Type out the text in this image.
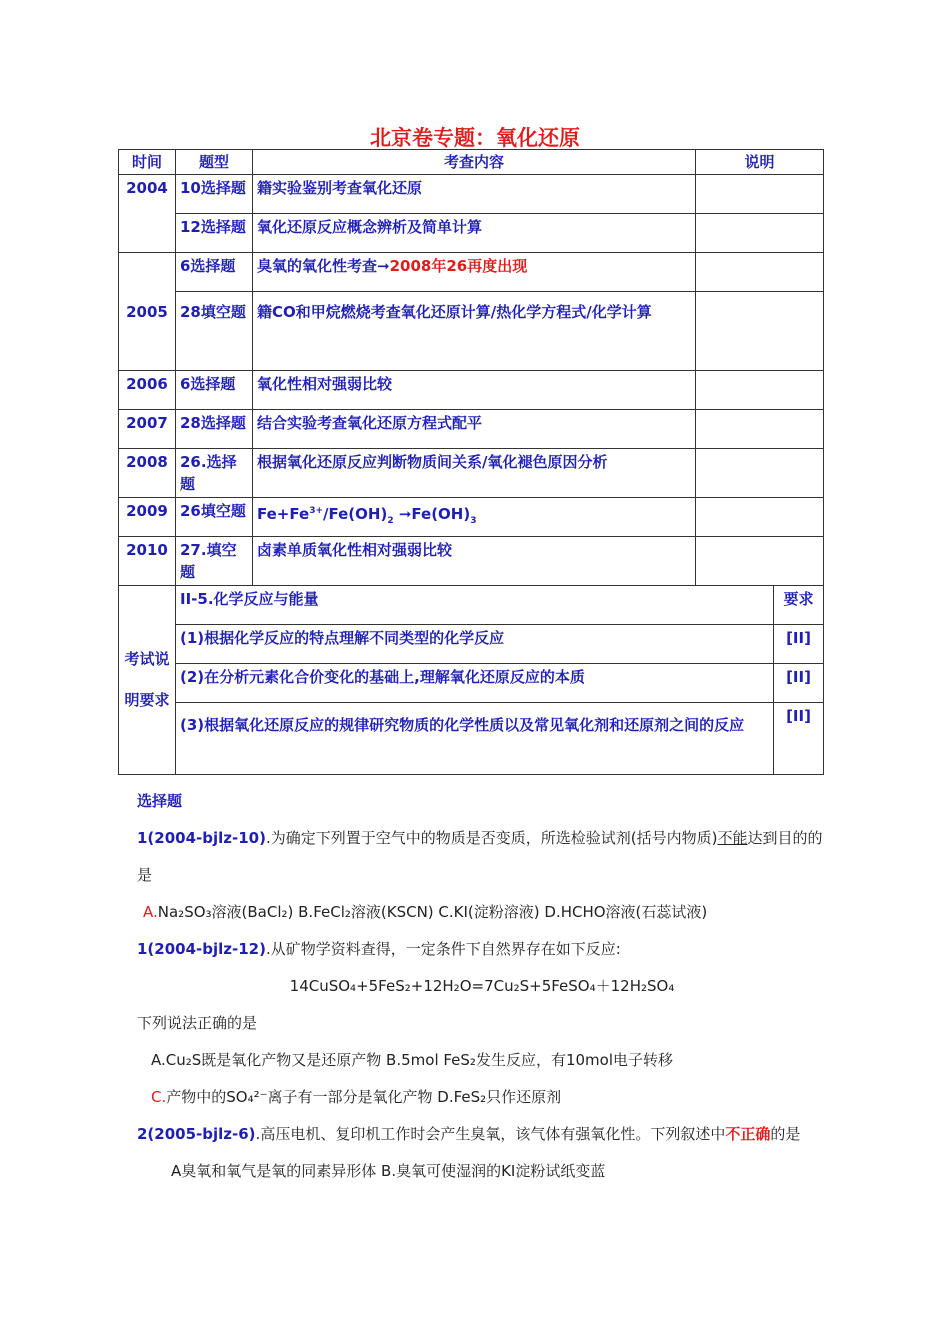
北京卷专题：氧化还原
时间	题型	考查内容	说明	
2004	10选择题	籍实验鉴别考查氧化还原		
	12选择题	氧化还原反应概念辨析及简单计算		
2005	6选择题	臭氧的氧化性考查➞2008年26再度出现		
	28填空题	籍CO和甲烷燃烧考查氧化还原计算/热化学方程式/化学计算		
2006	6选择题	氧化性相对强弱比较		
2007	28选择题	结合实验考查氧化还原方程式配平		
2008	26.选择题	根据氧化还原反应判断物质间关系/氧化褪色原因分析		
2009	26填空题	$Fe+Fe^{3+}/Fe(OH)_2$ $➞Fe(OH)_3$	
2010	27.填空题	卤素单质氧化性相对强弱比较		
考试说明要求	II-5.化学反应与能量			要求
	(1)根据化学反应的特点理解不同类型的化学反应			[II]
	(2)在分析元素化合价变化的基础上,理解氧化还原反应的本质			[II]
	(3)根据氧化还原反应的规律研究物质的化学性质以及常见氧化剂和还原剂之间的反应			[II]
选择题
1(2004-bjlz-10).为确定下列置于空气中的物质是否变质，所选检验试剂(括号内物质)不能达到目的的是
A.Na₂SO₃溶液(BaCl₂) B.FeCl₂溶液(KSCN) C.KI(淀粉溶液) D.HCHO溶液(石蕊试液)
1(2004-bjlz-12).从矿物学资料查得，一定条件下自然界存在如下反应:
14CuSO₄+5FeS₂+12H₂O=7Cu₂S+5FeSO₄＋12H₂SO₄
下列说法正确的是
A.Cu₂S既是氧化产物又是还原产物 B.5mol FeS₂发生反应，有10mol电子转移
C.产物中的SO₄²⁻离子有一部分是氧化产物 D.FeS₂只作还原剂
2(2005-bjlz-6).高压电机、复印机工作时会产生臭氧，该气体有强氧化性。下列叙述中不正确的是
A臭氧和氧气是氧的同素异形体 B.臭氧可使湿润的KI淀粉试纸变蓝
